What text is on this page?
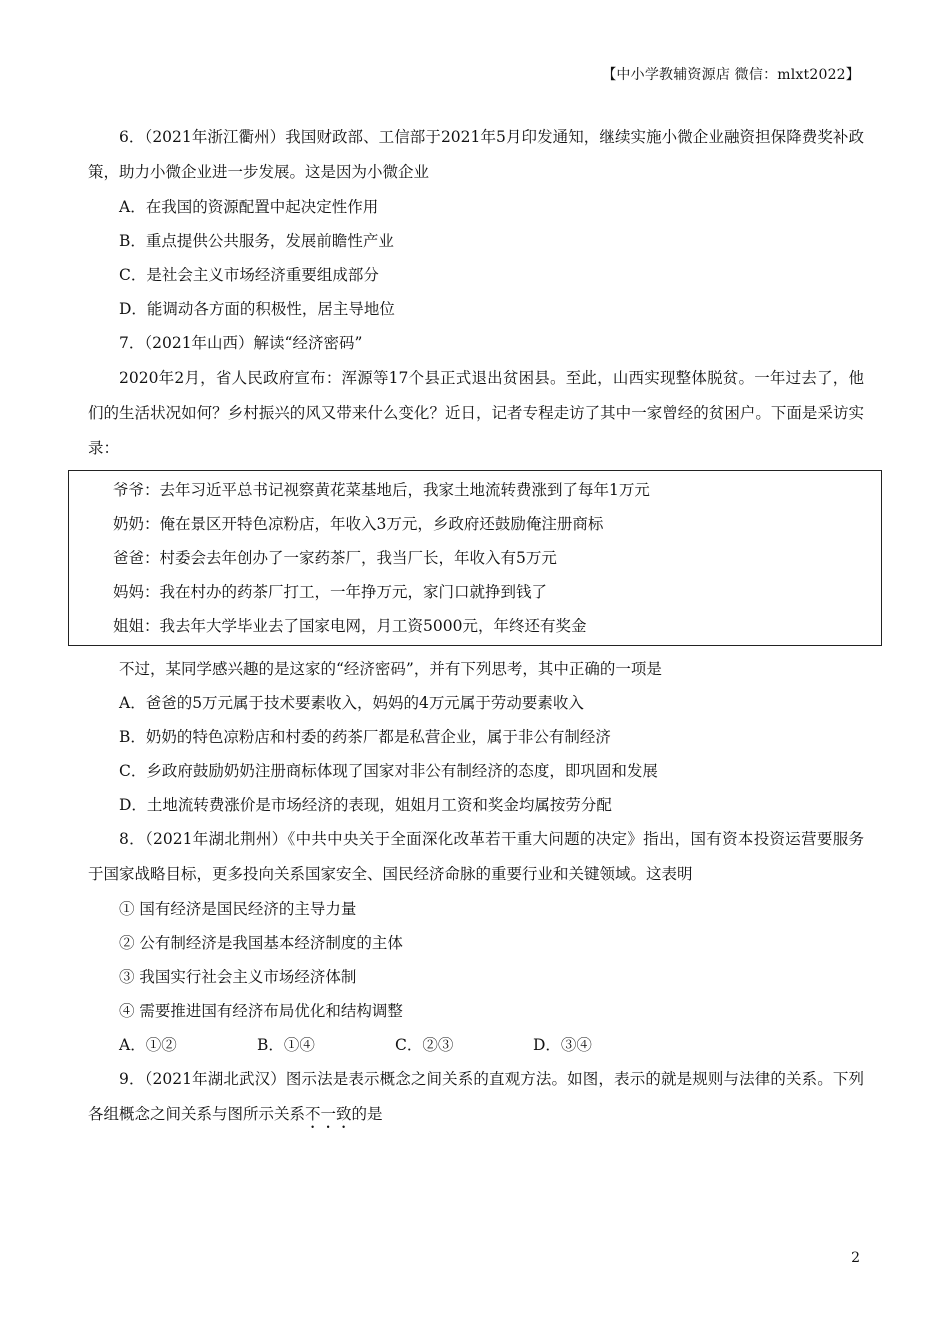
【中小学教辅资源店 微信：mlxt2022】

6．（2021年浙江衢州）我国财政部、工信部于2021年5月印发通知，继续实施小微企业融资担保降费奖补政策，助力小微企业进一步发展。这是因为小微企业

A．在我国的资源配置中起决定性作用

B．重点提供公共服务，发展前瞻性产业

C．是社会主义市场经济重要组成部分

D．能调动各方面的积极性，居主导地位

7．（2021年山西）解读“经济密码”

2020年2月，省人民政府宣布：浑源等17个县正式退出贫困县。至此，山西实现整体脱贫。一年过去了，他们的生活状况如何？乡村振兴的风又带来什么变化？近日，记者专程走访了其中一家曾经的贫困户。下面是采访实录：

爷爷：去年习近平总书记视察黄花菜基地后，我家土地流转费涨到了每年1万元

奶奶：俺在景区开特色凉粉店，年收入3万元，乡政府还鼓励俺注册商标

爸爸：村委会去年创办了一家药茶厂，我当厂长，年收入有5万元

妈妈：我在村办的药茶厂打工，一年挣万元，家门口就挣到钱了

姐姐：我去年大学毕业去了国家电网，月工资5000元，年终还有奖金

不过，某同学感兴趣的是这家的“经济密码”，并有下列思考，其中正确的一项是

A．爸爸的5万元属于技术要素收入，妈妈的4万元属于劳动要素收入

B．奶奶的特色凉粉店和村委的药茶厂都是私营企业，属于非公有制经济

C．乡政府鼓励奶奶注册商标体现了国家对非公有制经济的态度，即巩固和发展

D．土地流转费涨价是市场经济的表现，姐姐月工资和奖金均属按劳分配

8．（2021年湖北荆州）《中共中央关于全面深化改革若干重大问题的决定》指出，国有资本投资运营要服务于国家战略目标，更多投向关系国家安全、国民经济命脉的重要行业和关键领域。这表明

① 国有经济是国民经济的主导力量

② 公有制经济是我国基本经济制度的主体

③ 我国实行社会主义市场经济体制

④ 需要推进国有经济布局优化和结构调整

A．①②	B．①④	C．②③	D．③④

9．（2021年湖北武汉）图示法是表示概念之间关系的直观方法。如图，表示的就是规则与法律的关系。下列各组概念之间关系与图所示关系不一致的是

2
